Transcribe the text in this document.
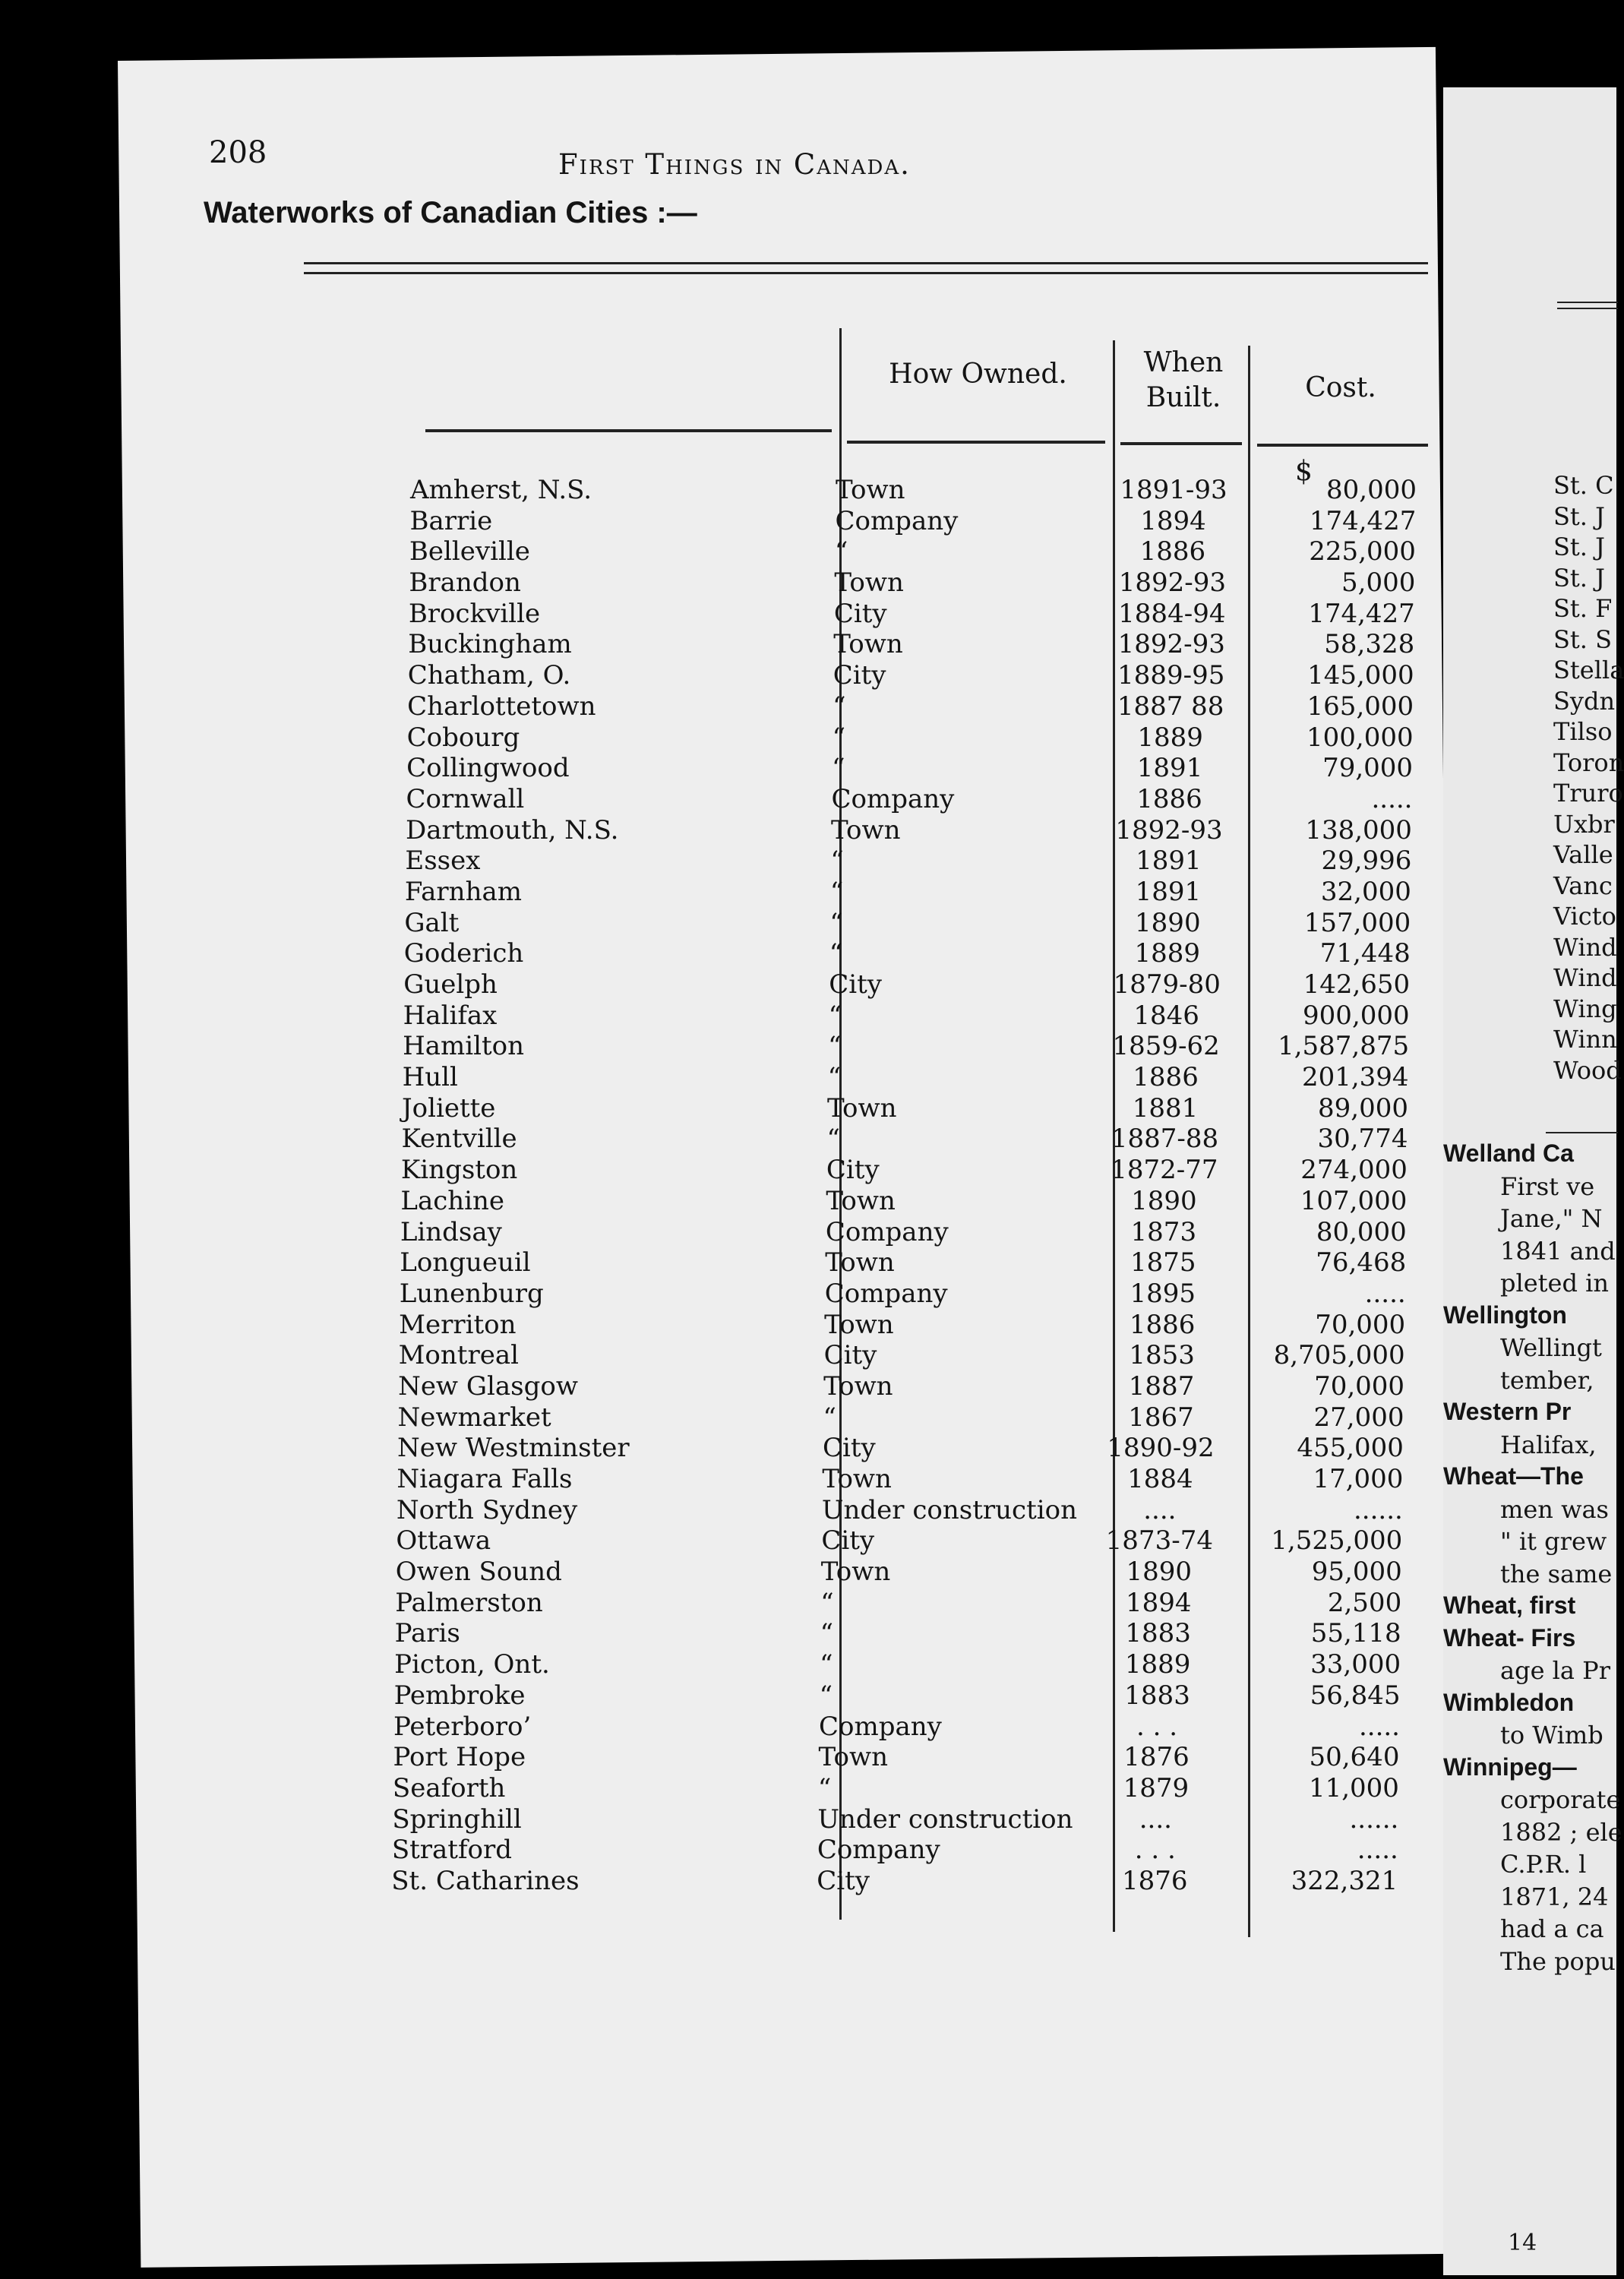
St. C
St. J
St. J
St. J
St. F
St. S
Stella
Sydn
Tilso
Toron
Truro
Uxbr
Valle
Vanc
Victo
Wind
Wind
Wing
Winn
Wood
Welland Ca
First ve
Jane," N
1841 and
pleted in
Wellington
Wellingt
tember,
Western Pr
Halifax,
Wheat—The
men was
" it grew
the same
Wheat, first
Wheat- Firs
age la Pr
Wimbledon
to Wimb
Winnipeg—
corporate
1882 ; ele
C.P.R. l
1871, 24
had a ca
The popu
208	First Things in Canada.
Waterworks of Canadian Cities :—
How Owned.	When Built.	Cost.
$
Amherst, N.S.	Town	1891-93	80,000
Barrie	Company	1894	174,427
Belleville	“	1886	225,000
Brandon	Town	1892-93	5,000
Brockville	City	1884-94	174,427
Buckingham	Town	1892-93	58,328
Chatham, O.	City	1889-95	145,000
Charlottetown	“	1887 88	165,000
Cobourg	“	1889	100,000
Collingwood	“	1891	79,000
Cornwall	Company	1886	.....
Dartmouth, N.S.	Town	1892-93	138,000
Essex	“	1891	29,996
Farnham	“	1891	32,000
Galt	“	1890	157,000
Goderich	“	1889	71,448
Guelph	City	1879-80	142,650
Halifax	“	1846	900,000
Hamilton	“	1859-62	1,587,875
Hull	“	1886	201,394
Joliette	Town	1881	89,000
Kentville	“	1887-88	30,774
Kingston	City	1872-77	274,000
Lachine	Town	1890	107,000
Lindsay	Company	1873	80,000
Longueuil	Town	1875	76,468
Lunenburg	Company	1895	.....
Merriton	Town	1886	70,000
Montreal	City	1853	8,705,000
New Glasgow	Town	1887	70,000
Newmarket	“	1867	27,000
New Westminster	City	1890-92	455,000
Niagara Falls	Town	1884	17,000
North Sydney	Under construction	....	......
Ottawa	City	1873-74	1,525,000
Owen Sound	Town	1890	95,000
Palmerston	“	1894	2,500
Paris	“	1883	55,118
Picton, Ont.	“	1889	33,000
Pembroke	“	1883	56,845
Peterboro’	Company	. . .	.....
Port Hope	Town	1876	50,640
Seaforth	“	1879	11,000
Springhill	Under construction	....	......
Stratford	Company	. . .	.....
St. Catharines	City	1876	322,321
14
